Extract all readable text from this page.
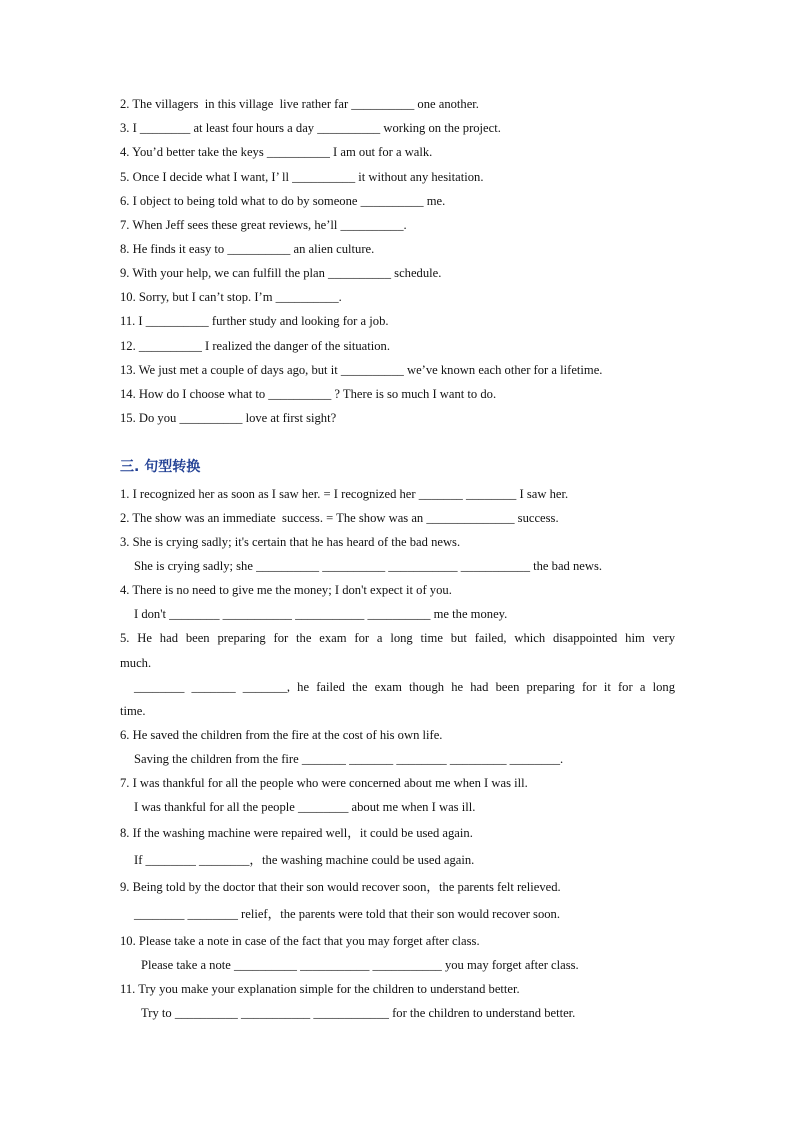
2. The villagers  in this village  live rather far __________ one another.
3. I ________ at least four hours a day __________ working on the project.
4. You’d better take the keys __________ I am out for a walk.
5. Once I decide what I want, I’ ll __________ it without any hesitation.
6. I object to being told what to do by someone __________ me.
7. When Jeff sees these great reviews, he’ll __________.
8. He finds it easy to __________ an alien culture.
9. With your help, we can fulfill the plan __________ schedule.
10. Sorry, but I can’t stop. I’m __________.
11. I __________ further study and looking for a job.
12. __________ I realized the danger of the situation.
13. We just met a couple of days ago, but it __________ we’ve known each other for a lifetime.
14. How do I choose what to __________ ? There is so much I want to do.
15. Do you __________ love at first sight?
三. 句型转换
1. I recognized her as soon as I saw her. = I recognized her _______ ________ I saw her.
2. The show was an immediate  success. = The show was an ______________ success.
3. She is crying sadly; it's certain that he has heard of the bad news.
She is crying sadly; she __________ __________ ___________ ___________ the bad news.
4. There is no need to give me the money; I don't expect it of you.
I don't ________ ___________ ___________ __________ me the money.
5. He had been preparing for the exam for a long time but failed, which disappointed him very
much.
________ _______ _______, he failed the exam though he had been preparing for it for a long
time.
6. He saved the children from the fire at the cost of his own life.
Saving the children from the fire _______ _______ ________ _________ ________.
7. I was thankful for all the people who were concerned about me when I was ill.
I was thankful for all the people ________ about me when I was ill.
8. If the washing machine were repaired well，it could be used again.
If ________ ________，the washing machine could be used again.
9. Being told by the doctor that their son would recover soon，the parents felt relieved.
________ ________ relief，the parents were told that their son would recover soon.
10. Please take a note in case of the fact that you may forget after class.
Please take a note __________ ___________ ___________ you may forget after class.
11. Try you make your explanation simple for the children to understand better.
Try to __________ ___________ ____________ for the children to understand better.
